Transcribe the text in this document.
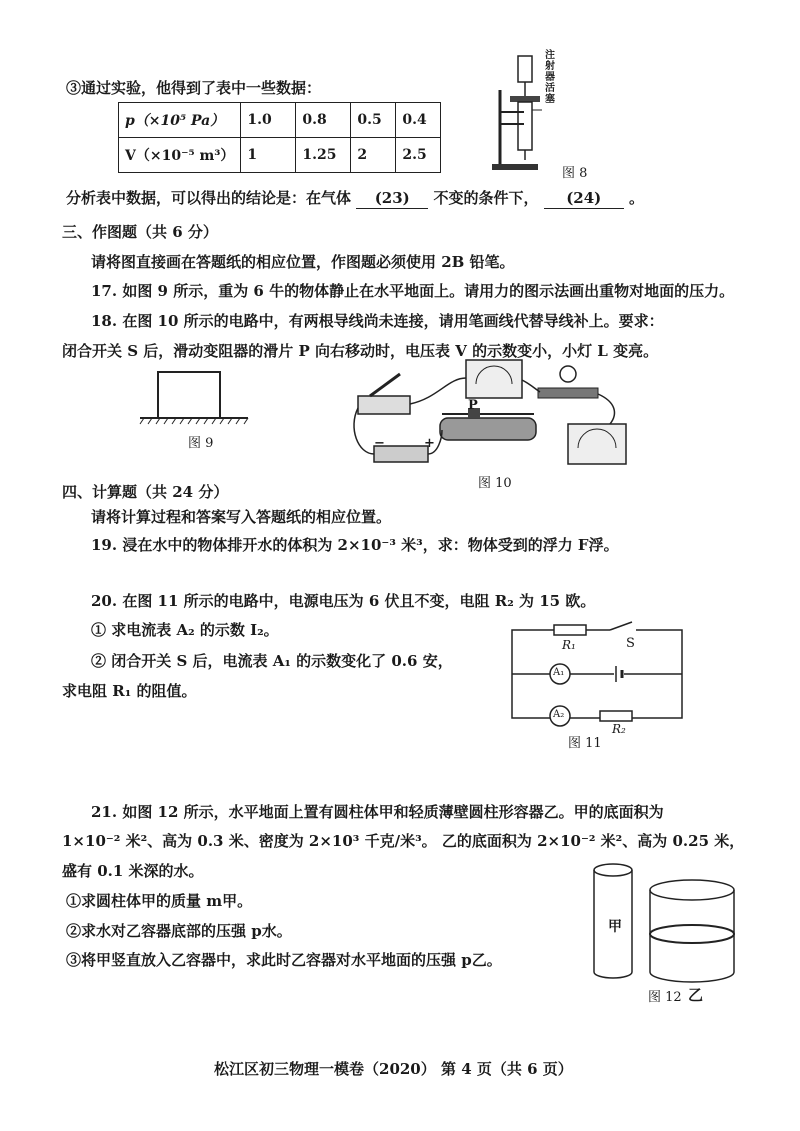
③通过实验，他得到了表中一些数据：
p（×10⁵ Pa）	1.0	0.8	0.5	0.4
V（×10⁻⁵ m³）	1	1.25	2	2.5
注射器活塞
图 8
分析表中数据，可以得出的结论是：在气体 (23) 不变的条件下， (24) 。
三、作图题（共 6 分）
请将图直接画在答题纸的相应位置，作图题必须使用 2B 铅笔。
17. 如图 9 所示，重为 6 牛的物体静止在水平地面上。请用力的图示法画出重物对地面的压力。
18. 在图 10 所示的电路中，有两根导线尚未连接，请用笔画线代替导线补上。要求：
闭合开关 S 后，滑动变阻器的滑片 P 向右移动时，电压表 V 的示数变小，小灯 L 变亮。
图 9
P
−	+
图 10
四、计算题（共 24 分）
请将计算过程和答案写入答题纸的相应位置。
19. 浸在水中的物体排开水的体积为 2×10⁻³ 米³，求：物体受到的浮力 F浮。
20. 在图 11 所示的电路中，电源电压为 6 伏且不变，电阻 R₂ 为 15 欧。
① 求电流表 A₂ 的示数 I₂。
② 闭合开关 S 后，电流表 A₁ 的示数变化了 0.6 安，
求电阻 R₁ 的阻值。
R₁	S
A₁
A₂
R₂
图 11
21. 如图 12 所示，水平地面上置有圆柱体甲和轻质薄壁圆柱形容器乙。甲的底面积为
1×10⁻² 米²、高为 0.3 米、密度为 2×10³ 千克/米³。 乙的底面积为 2×10⁻² 米²、高为 0.25 米，
盛有 0.1 米深的水。
①求圆柱体甲的质量 m甲。
②求水对乙容器底部的压强 p水。
③将甲竖直放入乙容器中，求此时乙容器对水平地面的压强 p乙。
甲
图 12 乙
松江区初三物理一模卷（2020） 第 4 页（共 6 页）
